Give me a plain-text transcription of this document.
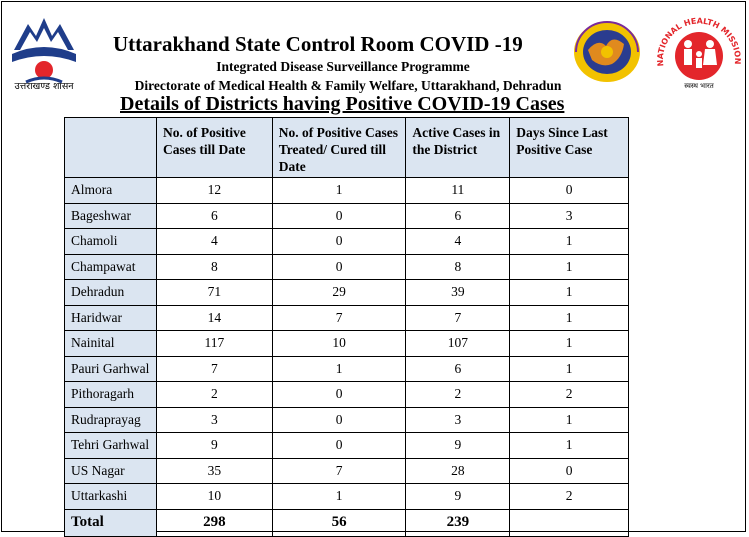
उत्तराखण्ड शासन
Uttarakhand State Control Room COVID -19
Integrated Disease Surveillance Programme
Directorate of Medical Health & Family Welfare, Uttarakhand, Dehradun
Details of Districts having Positive COVID-19 Cases
NATIONAL HEALTH MISSION
स्वस्थ भारत
	No. of Positive Cases till Date	No. of Positive Cases Treated/ Cured till Date	Active Cases in the District	Days Since Last Positive Case
Almora	12	1	11	0
Bageshwar	6	0	6	3
Chamoli	4	0	4	1
Champawat	8	0	8	1
Dehradun	71	29	39	1
Haridwar	14	7	7	1
Nainital	117	10	107	1
Pauri Garhwal	7	1	6	1
Pithoragarh	2	0	2	2
Rudraprayag	3	0	3	1
Tehri Garhwal	9	0	9	1
US Nagar	35	7	28	0
Uttarkashi	10	1	9	2
Total	298	56	239	
